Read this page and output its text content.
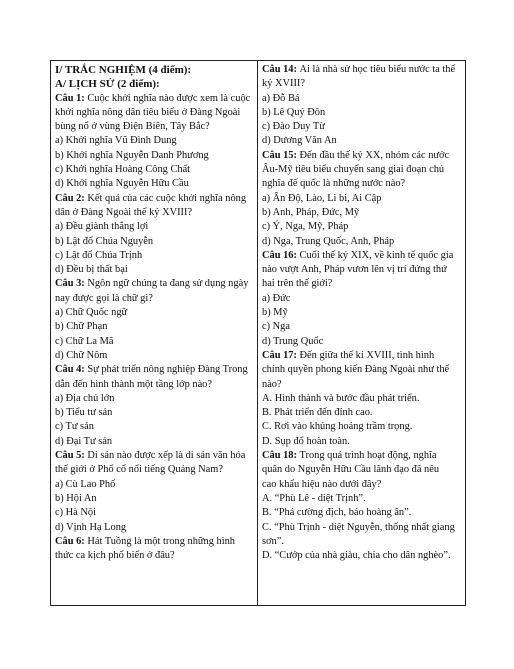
I/ TRẮC NGHIỆM (4 điểm):
A/ LỊCH SỬ (2 điểm):
Câu 1: Cuộc khởi nghĩa nào được xem là cuộc
khởi nghĩa nông dân tiêu biểu ở Đàng Ngoài
bùng nổ ở vùng Điện Biên, Tây Bắc?
a) Khởi nghĩa Vũ Đình Dung
b) Khởi nghĩa Nguyễn Danh Phương
c) Khởi nghĩa Hoàng Công Chất
d) Khởi nghĩa Nguyễn Hữu Cầu
Câu 2: Kết quả của các cuộc khởi nghĩa nông
dân ở Đàng Ngoài thế kỷ XVIII?
a) Đều giành thắng lợi
b) Lật đổ Chúa Nguyễn
c) Lật đổ Chúa Trịnh
d) Đều bị thất bại
Câu 3: Ngôn ngữ chúng ta đang sử dụng ngày
nay được gọi là chữ gì?
a) Chữ Quốc ngữ
b) Chữ Phạn
c) Chữ La Mã
d) Chữ Nôm
Câu 4: Sự phát triển nông nghiệp Đàng Trong
dẫn đến hình thành một tầng lớp nào?
a) Địa chủ lớn
b) Tiểu tư sản
c) Tư sản
d) Đại Tư sản
Câu 5: Di sản nào được xếp là di sản văn hóa
thế giới ở Phố cổ nổi tiếng Quảng Nam?
a) Cù Lao Phố
b) Hội An
c) Hà Nội
d) Vịnh Hạ Long
Câu 6: Hát Tuồng là một trong những hình
thức ca kịch phổ biến ở đâu?
Câu 14: Ai là nhà sử học tiêu biểu nước ta thế
kỷ XVIII?
a) Đỗ Bá
b) Lê Quý Đôn
c) Đào Duy Từ
d) Dương Văn An
Câu 15: Đến đầu thế kỷ XX, nhóm các nước
Âu-Mỹ tiêu biểu chuyển sang giai đoạn chủ
nghĩa đế quốc là những nước nào?
a) Ấn Độ, Lào, Li bi, Ai Cập
b) Anh, Pháp, Đức, Mỹ
c) Ý, Nga, Mỹ, Pháp
d) Nga, Trung Quốc, Anh, Pháp
Câu 16: Cuối thế kỷ XIX, về kinh tế quốc gia
nào vượt Anh, Pháp vươn lên vị trí đứng thứ
hai trên thế giới?
a) Đức
b) Mỹ
c) Nga
d) Trung Quốc
Câu 17: Đến giữa thế kỉ XVIII, tình hình
chính quyền phong kiến Đàng Ngoài như thế
nào?
A. Hình thành và bước đầu phát triển.
B. Phát triển đến đỉnh cao.
C. Rơi vào khủng hoảng trầm trọng.
D. Sụp đổ hoàn toàn.
Câu 18: Trong quá trình hoạt động, nghĩa
quân do Nguyễn Hữu Cầu lãnh đạo đã nêu
cao khẩu hiệu nào dưới đây?
A. “Phù Lê - diệt Trịnh”.
B. “Phá cường địch, báo hoàng ân”.
C. “Phù Trịnh - diệt Nguyễn, thống nhất giang
sơn”.
D. “Cướp của nhà giàu, chia cho dân nghèo”.
